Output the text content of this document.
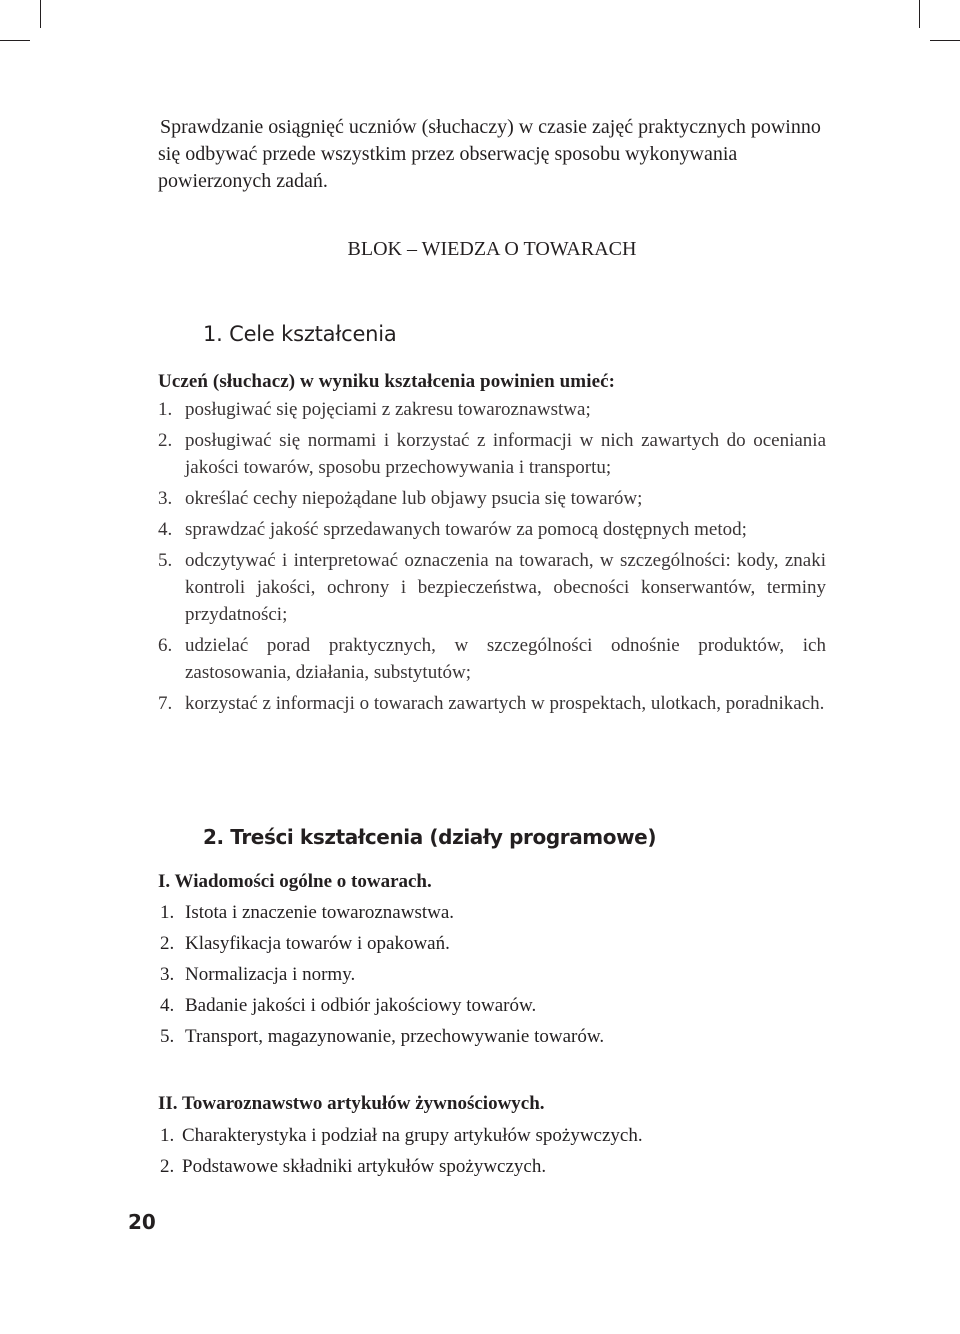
Sprawdzanie osiągnięć uczniów (słuchaczy) w czasie zajęć praktycznych powinno się odbywać przede wszystkim przez obserwację sposobu wykonywania powierzonych zadań.

BLOK – WIEDZA O TOWARACH

1. Cele kształcenia

Uczeń (słuchacz) w wyniku kształcenia powinien umieć:

1. posługiwać się pojęciami z zakresu towaroznawstwa;
2. posługiwać się normami i korzystać z informacji w nich zawartych do oceniania jakości towarów, sposobu przechowywania i transportu;
3. określać cechy niepożądane lub objawy psucia się towarów;
4. sprawdzać jakość sprzedawanych towarów za pomocą dostępnych metod;
5. odczytywać i interpretować oznaczenia na towarach, w szczególności: kody, znaki kontroli jakości, ochrony i bezpieczeństwa, obecności konserwantów, terminy przydatności;
6. udzielać porad praktycznych, w szczególności odnośnie produktów, ich zastosowania, działania, substytutów;
7. korzystać z informacji o towarach zawartych w prospektach, ulotkach, poradnikach.
2. Treści kształcenia (działy programowe)

I. Wiadomości ogólne o towarach.

1. Istota i znaczenie towaroznawstwa.
2. Klasyfikacja towarów i opakowań.
3. Normalizacja i normy.
4. Badanie jakości i odbiór jakościowy towarów.
5. Transport, magazynowanie, przechowywanie towarów.

II. Towaroznawstwo artykułów żywnościowych.

1. Charakterystyka i podział na grupy artykułów spożywczych.
2. Podstawowe składniki artykułów spożywczych.

20
